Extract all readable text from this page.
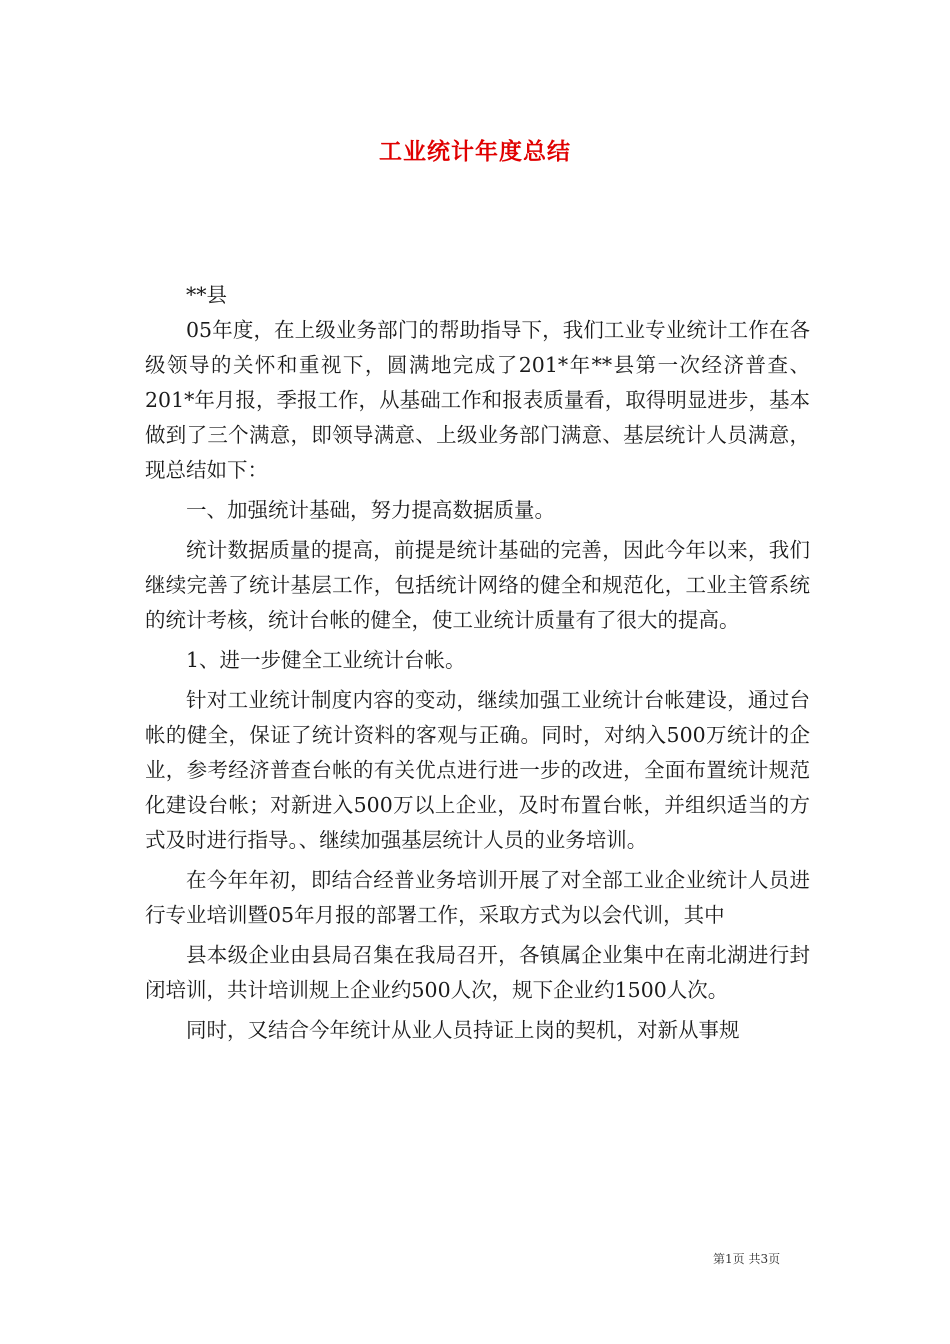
工业统计年度总结

**县

05年度，在上级业务部门的帮助指导下，我们工业专业统计工作在各级领导的关怀和重视下，圆满地完成了201*年**县第一次经济普查、201*年月报，季报工作，从基础工作和报表质量看，取得明显进步，基本做到了三个满意，即领导满意、上级业务部门满意、基层统计人员满意，现总结如下：

一、加强统计基础，努力提高数据质量。

统计数据质量的提高，前提是统计基础的完善，因此今年以来，我们继续完善了统计基层工作，包括统计网络的健全和规范化，工业主管系统的统计考核，统计台帐的健全，使工业统计质量有了很大的提高。

1、进一步健全工业统计台帐。

针对工业统计制度内容的变动，继续加强工业统计台帐建设，通过台帐的健全，保证了统计资料的客观与正确。同时，对纳入500万统计的企业，参考经济普查台帐的有关优点进行进一步的改进，全面布置统计规范化建设台帐；对新进入500万以上企业，及时布置台帐，并组织适当的方式及时进行指导。、继续加强基层统计人员的业务培训。

在今年年初，即结合经普业务培训开展了对全部工业企业统计人员进行专业培训暨05年月报的部署工作，采取方式为以会代训，其中

县本级企业由县局召集在我局召开，各镇属企业集中在南北湖进行封闭培训，共计培训规上企业约500人次，规下企业约1500人次。

同时，又结合今年统计从业人员持证上岗的契机，对新从事规

第1页 共3页
